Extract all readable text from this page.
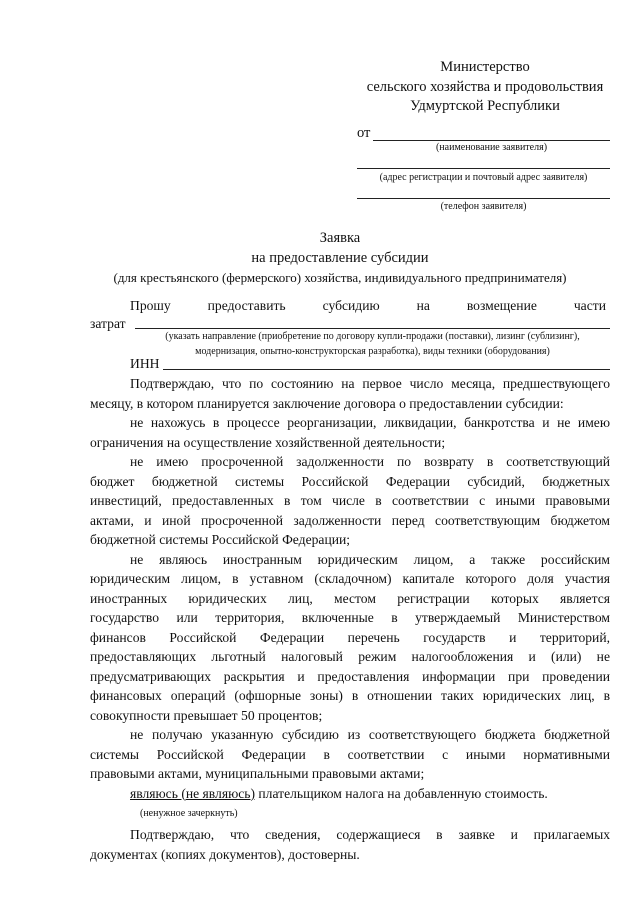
Министерство
сельского хозяйства и продовольствия
Удмуртской Республики
от
(наименование заявителя)
(адрес регистрации и почтовый адрес заявителя)
(телефон заявителя)
Заявка
на предоставление субсидии
(для крестьянского (фермерского) хозяйства, индивидуального предпринимателя)
Прошу	предоставить	субсидию	на	возмещение	части
затрат
(указать направление (приобретение по договору купли-продажи (поставки), лизинг (сублизинг),
модернизация, опытно-конструкторская разработка), виды техники (оборудования)
ИНН
Подтверждаю, что по состоянию на первое число месяца, предшествующего
месяцу, в котором планируется заключение договора о предоставлении субсидии:
не нахожусь в процессе реорганизации, ликвидации, банкротства и не имею
ограничения на осуществление хозяйственной деятельности;
не имею просроченной задолженности по возврату в соответствующий
бюджет бюджетной системы Российской Федерации субсидий, бюджетных
инвестиций, предоставленных в том числе в соответствии с иными правовыми
актами, и иной просроченной задолженности перед соответствующим бюджетом
бюджетной системы Российской Федерации;
не являюсь иностранным юридическим лицом, а также российским
юридическим лицом, в уставном (складочном) капитале которого доля участия
иностранных юридических лиц, местом регистрации которых является
государство или территория, включенные в утверждаемый Министерством
финансов Российской Федерации перечень государств и территорий,
предоставляющих льготный налоговый режим налогообложения и (или) не
предусматривающих раскрытия и предоставления информации при проведении
финансовых операций (офшорные зоны) в отношении таких юридических лиц, в
совокупности превышает 50 процентов;
не получаю указанную субсидию из соответствующего бюджета бюджетной
системы Российской Федерации в соответствии с иными нормативными
правовыми актами, муниципальными правовыми актами;
являюсь (не являюсь) плательщиком налога на добавленную стоимость.
(ненужное зачеркнуть)
Подтверждаю, что сведения, содержащиеся в заявке и прилагаемых
документах (копиях документов), достоверны.
